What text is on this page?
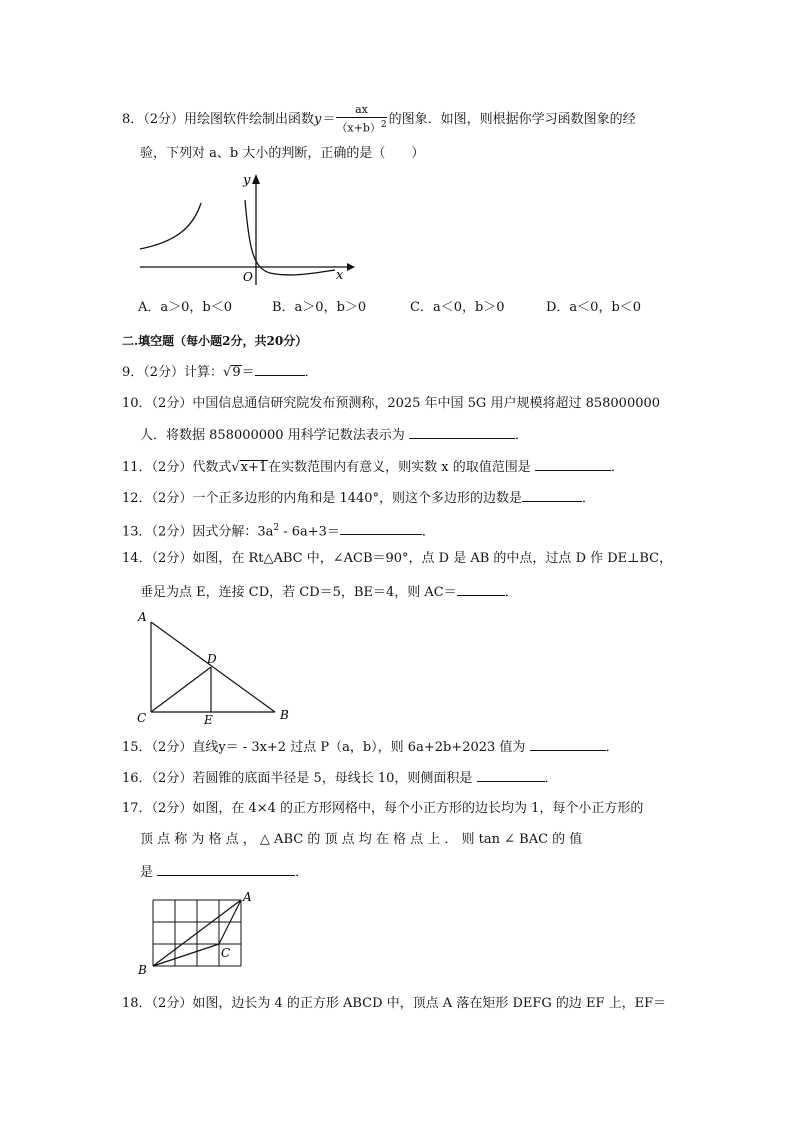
8．（2分）用绘图软件绘制出函数$y= \frac{ax}{(x+b)^2}$ 的图象．如图，则根据你学习函数图象的经
验，下列对 a、b 大小的判断，正确的是（　　）
y
x
O
A．a＞0，b＜0	B．a＞0，b＞0	C．a＜0，b＞0	D．a＜0，b＜0
二.填空题（每小题2分，共20分）
9．（2分）计算：√9＝	．
10．（2分）中国信息通信研究院发布预测称，2025 年中国 5G 用户规模将超过 858000000
人．将数据 858000000 用科学记数法表示为	．
11．（2分）代数式√x+1在实数范围内有意义，则实数 x 的取值范围是	．
12．（2分）一个正多边形的内角和是 1440°，则这个多边形的边数是	．
13．（2分）因式分解：$3a^2 - 6a+3=$	．
14．（2分）如图，在 Rt△ABC 中，∠ACB＝90°，点 D 是 AB 的中点，过点 D 作 DE⊥BC，
垂足为点 E，连接 CD，若 CD＝5，BE＝4，则 AC＝	．
A
C	B
D
E
15．（2分）直线y＝ - 3x+2 过点 P（a，b），则 6a+2b+2023 值为	．
16．（2分）若圆锥的底面半径是 5，母线长 10，则侧面积是	．
17．（2分）如图，在 4×4 的正方形网格中，每个小正方形的边长均为 1，每个小正方形的
顶 点 称 为 格 点 ， △ ABC 的 顶 点 均 在 格 点 上 ． 则 tan ∠ BAC 的 值
是	．
A
B
C
18．（2分）如图，边长为 4 的正方形 ABCD 中，顶点 A 落在矩形 DEFG 的边 EF 上，EF＝
